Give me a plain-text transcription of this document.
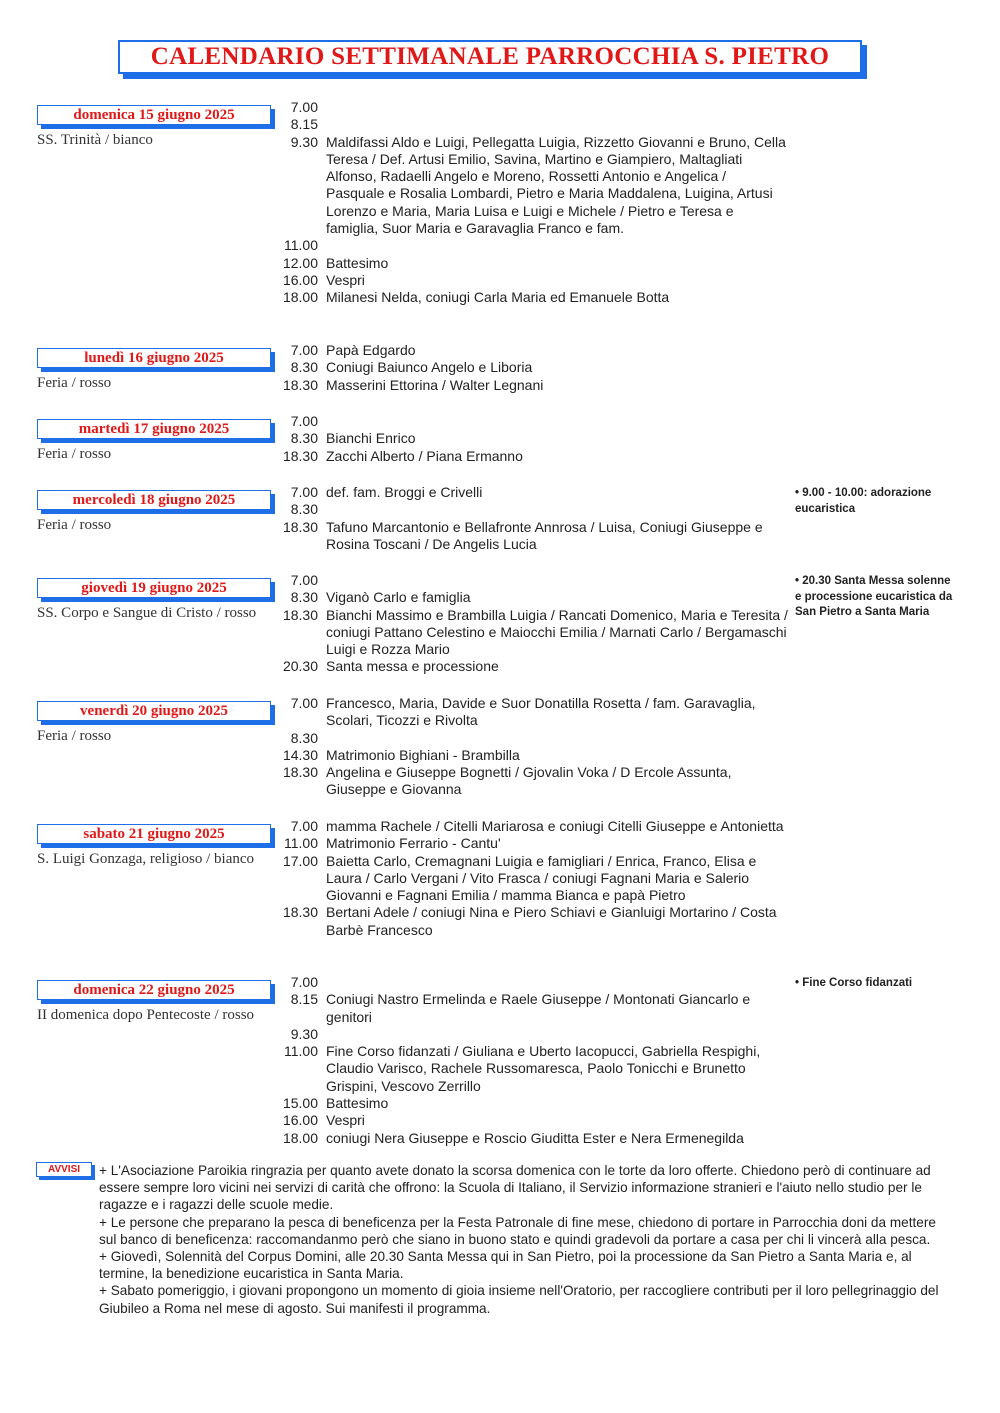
CALENDARIO SETTIMANALE PARROCCHIA S. PIETRO
domenica 15 giugno 2025
SS. Trinità / bianco
7.00
8.15
9.30 Maldifassi Aldo e Luigi, Pellegatta Luigia, Rizzetto Giovanni e Bruno, Cella Teresa / Def. Artusi Emilio, Savina, Martino e Giampiero, Maltagliati Alfonso, Radaelli Angelo e Moreno, Rossetti Antonio e Angelica / Pasquale e Rosalia Lombardi, Pietro e Maria Maddalena, Luigina, Artusi Lorenzo e Maria, Maria Luisa e Luigi e Michele / Pietro e Teresa e famiglia, Suor Maria e Garavaglia Franco e fam.
11.00
12.00 Battesimo
16.00 Vespri
18.00 Milanesi Nelda, coniugi Carla Maria ed Emanuele Botta
lunedì 16 giugno 2025
Feria / rosso
7.00 Papà Edgardo
8.30 Coniugi Baiunco Angelo e Liboria
18.30 Masserini Ettorina / Walter Legnani
martedì 17 giugno 2025
Feria / rosso
7.00
8.30 Bianchi Enrico
18.30 Zacchi Alberto / Piana Ermanno
mercoledì 18 giugno 2025
Feria / rosso
7.00 def. fam. Broggi e Crivelli
8.30
18.30 Tafuno Marcantonio e Bellafronte Annrosa / Luisa, Coniugi Giuseppe e Rosina Toscani / De Angelis Lucia
• 9.00 - 10.00: adorazione eucaristica
giovedì 19 giugno 2025
SS. Corpo e Sangue di Cristo / rosso
7.00
8.30 Viganò Carlo e famiglia
18.30 Bianchi Massimo e Brambilla Luigia / Rancati Domenico, Maria e Teresita / coniugi Pattano Celestino e Maiocchi Emilia / Marnati Carlo / Bergamaschi Luigi e Rozza Mario
20.30 Santa messa e processione
• 20.30 Santa Messa solenne e processione eucaristica da San Pietro a Santa Maria
venerdì 20 giugno 2025
Feria / rosso
7.00 Francesco, Maria, Davide e Suor Donatilla Rosetta / fam. Garavaglia, Scolari, Ticozzi e Rivolta
8.30
14.30 Matrimonio Bighiani - Brambilla
18.30 Angelina e Giuseppe Bognetti / Gjovalin Voka / D Ercole Assunta, Giuseppe e Giovanna
sabato 21 giugno 2025
S. Luigi Gonzaga, religioso / bianco
7.00 mamma Rachele / Citelli Mariarosa e coniugi Citelli Giuseppe e Antonietta
11.00 Matrimonio Ferrario - Cantu'
17.00 Baietta Carlo, Cremagnani Luigia e famigliari / Enrica, Franco, Elisa e Laura / Carlo Vergani / Vito Frasca / coniugi Fagnani Maria e Salerio Giovanni e Fagnani Emilia / mamma Bianca e papà Pietro
18.30 Bertani Adele / coniugi Nina e Piero Schiavi e Gianluigi Mortarino / Costa Barbè Francesco
domenica 22 giugno 2025
II domenica dopo Pentecoste / rosso
7.00
8.15 Coniugi Nastro Ermelinda e Raele Giuseppe / Montonati Giancarlo e genitori
9.30
11.00 Fine Corso fidanzati / Giuliana e Uberto Iacopucci, Gabriella Respighi, Claudio Varisco, Rachele Russomaresca, Paolo Tonicchi e Brunetto Grispini, Vescovo Zerrillo
15.00 Battesimo
16.00 Vespri
18.00 coniugi Nera Giuseppe e Roscio Giuditta Ester e Nera Ermenegilda
• Fine Corso fidanzati
AVVISI + L'Asociazione Paroikia ringrazia per quanto avete donato la scorsa domenica con le torte da loro offerte. Chiedono però di continuare ad essere sempre loro vicini nei servizi di carità che offrono: la Scuola di Italiano, il Servizio informazione stranieri e l'aiuto nello studio per le ragazze e i ragazzi delle scuole medie.

+ Le persone che preparano la pesca di beneficenza per la Festa Patronale di fine mese, chiedono di portare in Parrocchia doni da mettere sul banco di beneficenza: raccomandanmo però che siano in buono stato e quindi gradevoli da portare a casa per chi li vincerà alla pesca.

+ Giovedì, Solennità del Corpus Domini, alle 20.30 Santa Messa qui in San Pietro, poi la processione da San Pietro a Santa Maria e, al termine, la benedizione eucaristica in Santa Maria.

+ Sabato pomeriggio, i giovani propongono un momento di gioia insieme nell'Oratorio, per raccogliere contributi per il loro pellegrinaggio del Giubileo a Roma nel mese di agosto. Sui manifesti il programma.
